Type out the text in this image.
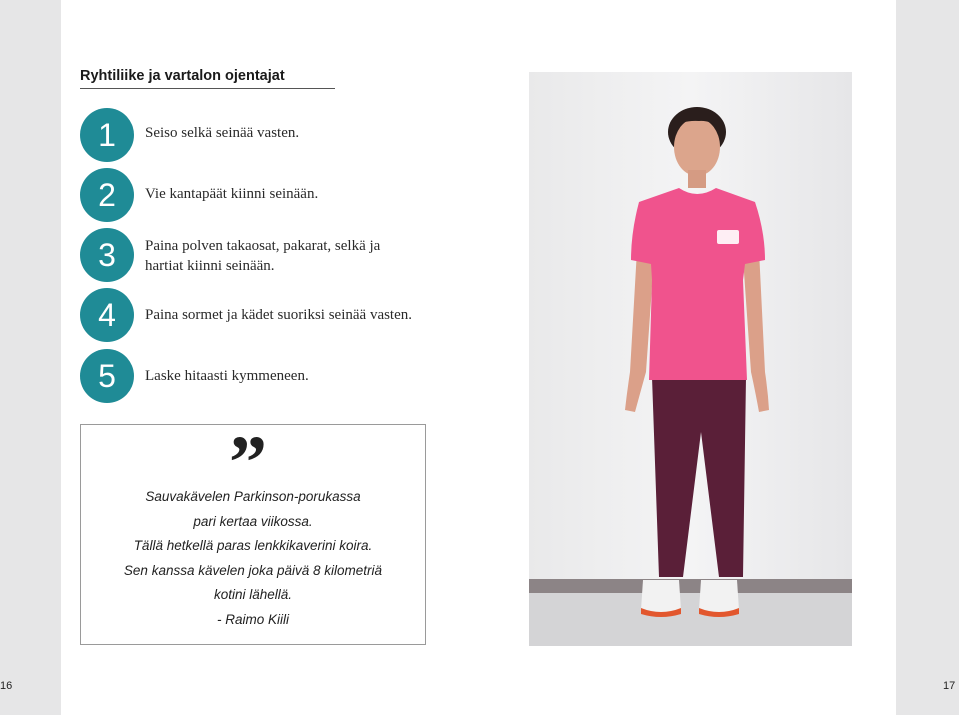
Ryhtiliike ja vartalon ojentajat
1	Seiso selkä seinää vasten.
2	Vie kantapäät kiinni seinään.
3	Paina polven takaosat, pakarat, selkä ja hartiat kiinni seinään.
4	Paina sormet ja kädet suoriksi seinää vasten.
5	Laske hitaasti kymmeneen.
”
Sauvakävelen Parkinson-porukassa
pari kertaa viikossa.
Tällä hetkellä paras lenkkikaverini koira.
Sen kanssa kävelen joka päivä 8 kilometriä
kotini lähellä.
- Raimo Kiili
16	17
